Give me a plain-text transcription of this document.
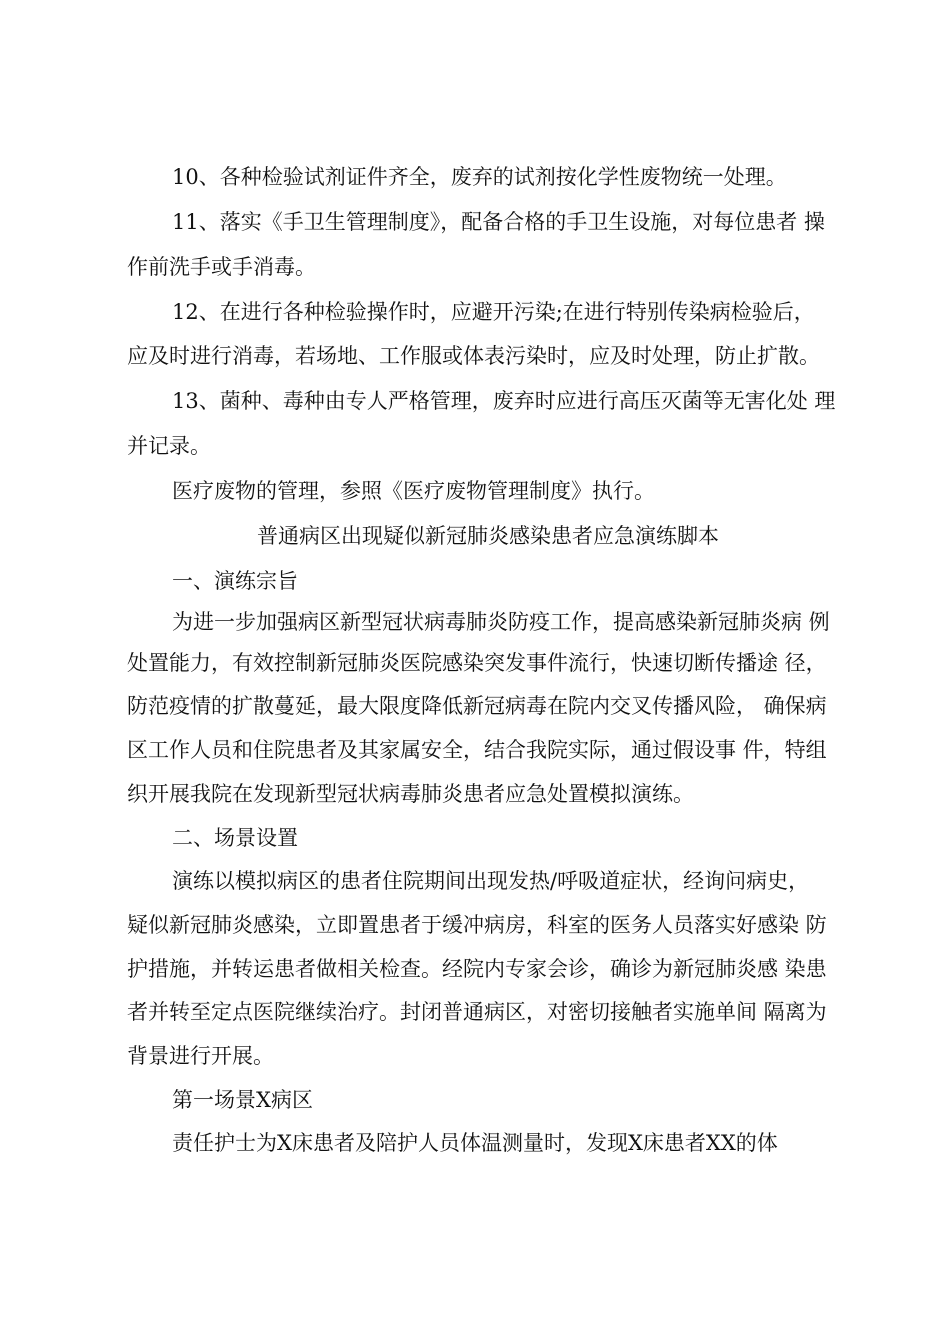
10、各种检验试剂证件齐全，废弃的试剂按化学性废物统一处理。
11、落实《手卫生管理制度》，配备合格的手卫生设施，对每位患者 操
作前洗手或手消毒。
12、在进行各种检验操作时，应避开污染;在进行特别传染病检验后，
应及时进行消毒，若场地、工作服或体表污染时，应及时处理，防止扩散。
13、菌种、毒种由专人严格管理，废弃时应进行高压灭菌等无害化处 理
并记录。
医疗废物的管理，参照《医疗废物管理制度》执行。
普通病区出现疑似新冠肺炎感染患者应急演练脚本
一、演练宗旨
为进一步加强病区新型冠状病毒肺炎防疫工作，提高感染新冠肺炎病 例
处置能力，有效控制新冠肺炎医院感染突发事件流行，快速切断传播途 径，
防范疫情的扩散蔓延，最大限度降低新冠病毒在院内交叉传播风险， 确保病
区工作人员和住院患者及其家属安全，结合我院实际，通过假设事 件，特组
织开展我院在发现新型冠状病毒肺炎患者应急处置模拟演练。
二、场景设置
演练以模拟病区的患者住院期间出现发热/呼吸道症状，经询问病史，
疑似新冠肺炎感染，立即置患者于缓冲病房，科室的医务人员落实好感染 防
护措施，并转运患者做相关检查。经院内专家会诊，确诊为新冠肺炎感 染患
者并转至定点医院继续治疗。封闭普通病区，对密切接触者实施单间 隔离为
背景进行开展。
第一场景X病区
责任护士为X床患者及陪护人员体温测量时，发现X床患者XX的体
